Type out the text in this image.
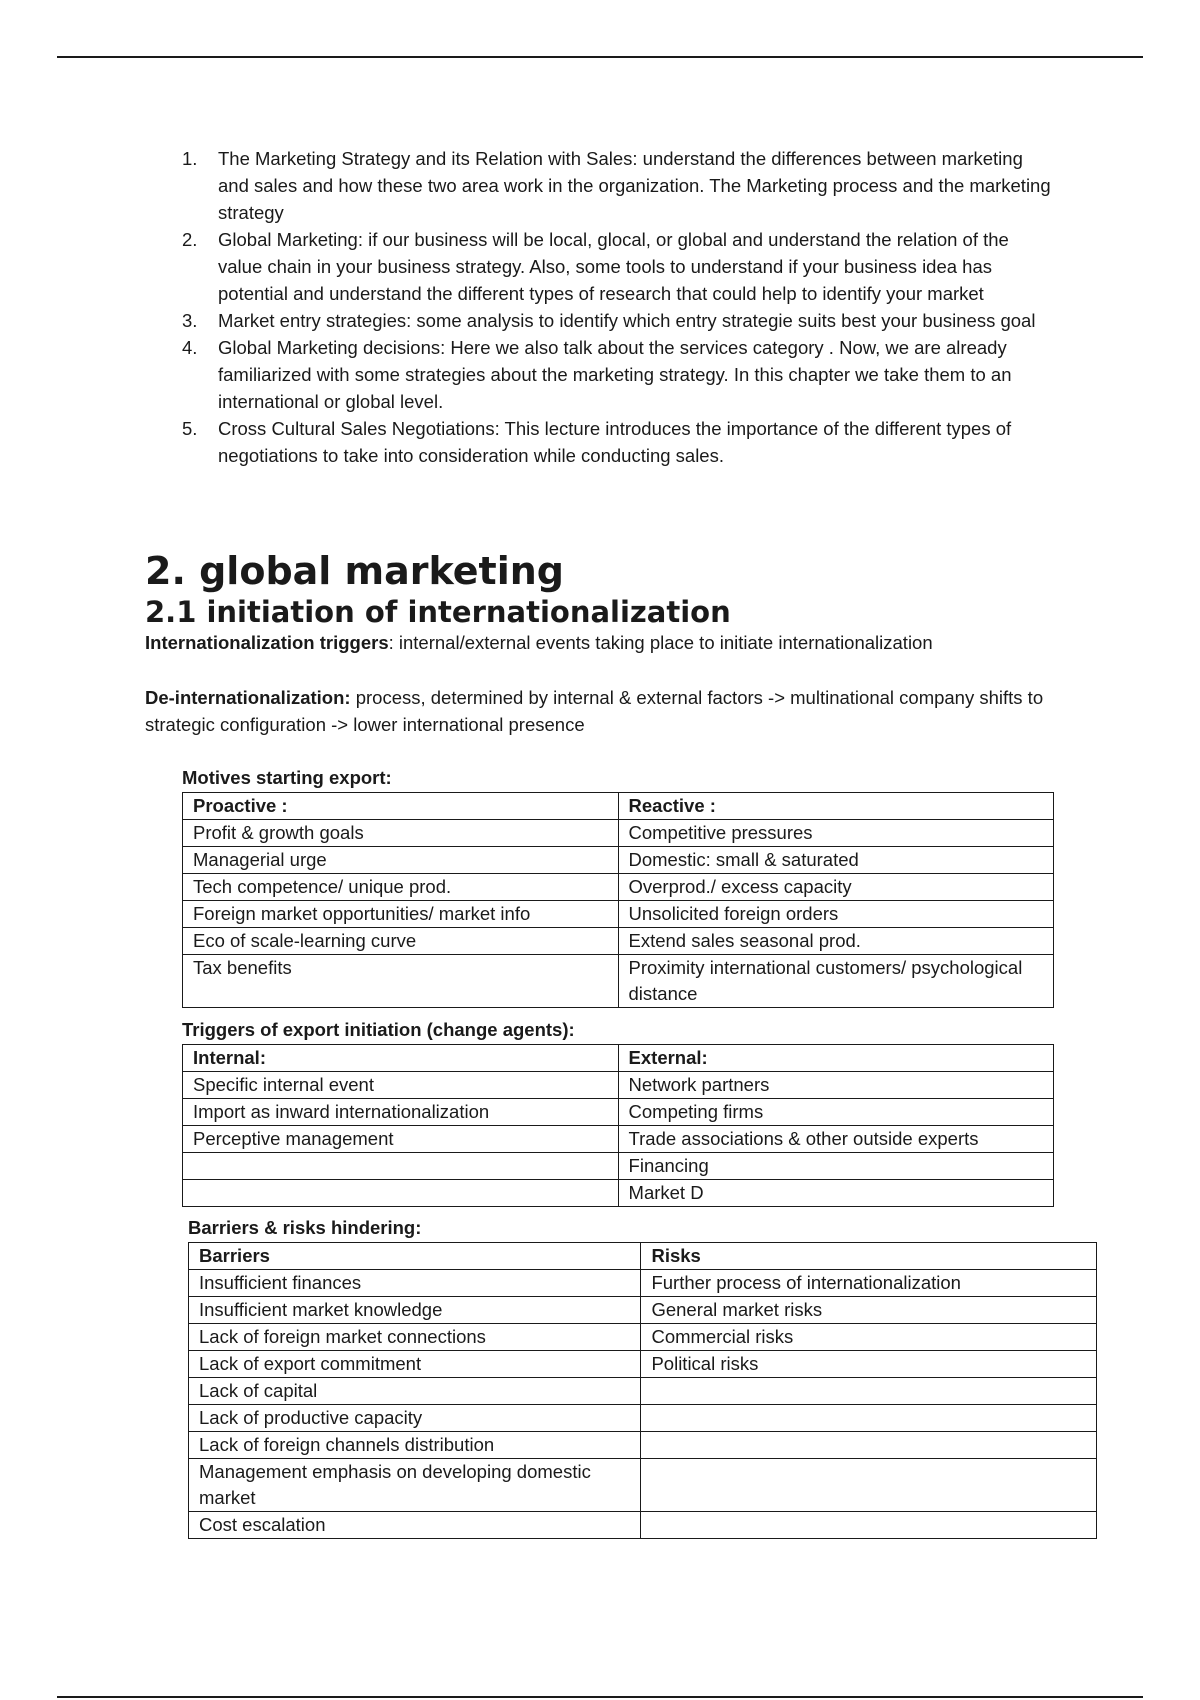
1. The Marketing Strategy and its Relation with Sales: understand the differences between marketing and sales and how these two area work in the organization. The Marketing process and the marketing strategy
2. Global Marketing: if our business will be local, glocal, or global and understand the relation of the value chain in your business strategy. Also, some tools to understand if your business idea has potential and understand the different types of research that could help to identify your market
3. Market entry strategies: some analysis to identify which entry strategie suits best your business goal
4. Global Marketing decisions: Here we also talk about the services category . Now, we are already familiarized with some strategies about the marketing strategy. In this chapter we take them to an international or global level.
5. Cross Cultural Sales Negotiations: This lecture introduces the importance of the different types of negotiations to take into consideration while conducting sales.
2. global marketing
2.1 initiation of internationalization

Internationalization triggers: internal/external events taking place to initiate internationalization

De-internationalization: process, determined by internal & external factors -> multinational company shifts to strategic configuration -> lower international presence

Motives starting export:
Proactive :	Reactive :
Profit & growth goals	Competitive pressures
Managerial urge	Domestic: small & saturated
Tech competence/ unique prod.	Overprod./ excess capacity
Foreign market opportunities/ market info	Unsolicited foreign orders
Eco of scale-learning curve	Extend sales seasonal prod.
Tax benefits	Proximity international customers/ psychological distance
Triggers of export initiation (change agents):
Internal:	External:
Specific internal event	Network partners
Import as inward internationalization	Competing firms
Perceptive management	Trade associations & other outside experts
	Financing
	Market D
Barriers & risks hindering:
Barriers	Risks
Insufficient finances	Further process of internationalization
Insufficient market knowledge	General market risks
Lack of foreign market connections	Commercial risks
Lack of export commitment	Political risks
Lack of capital	
Lack of productive capacity	
Lack of foreign channels distribution	
Management emphasis on developing domestic market	
Cost escalation	
